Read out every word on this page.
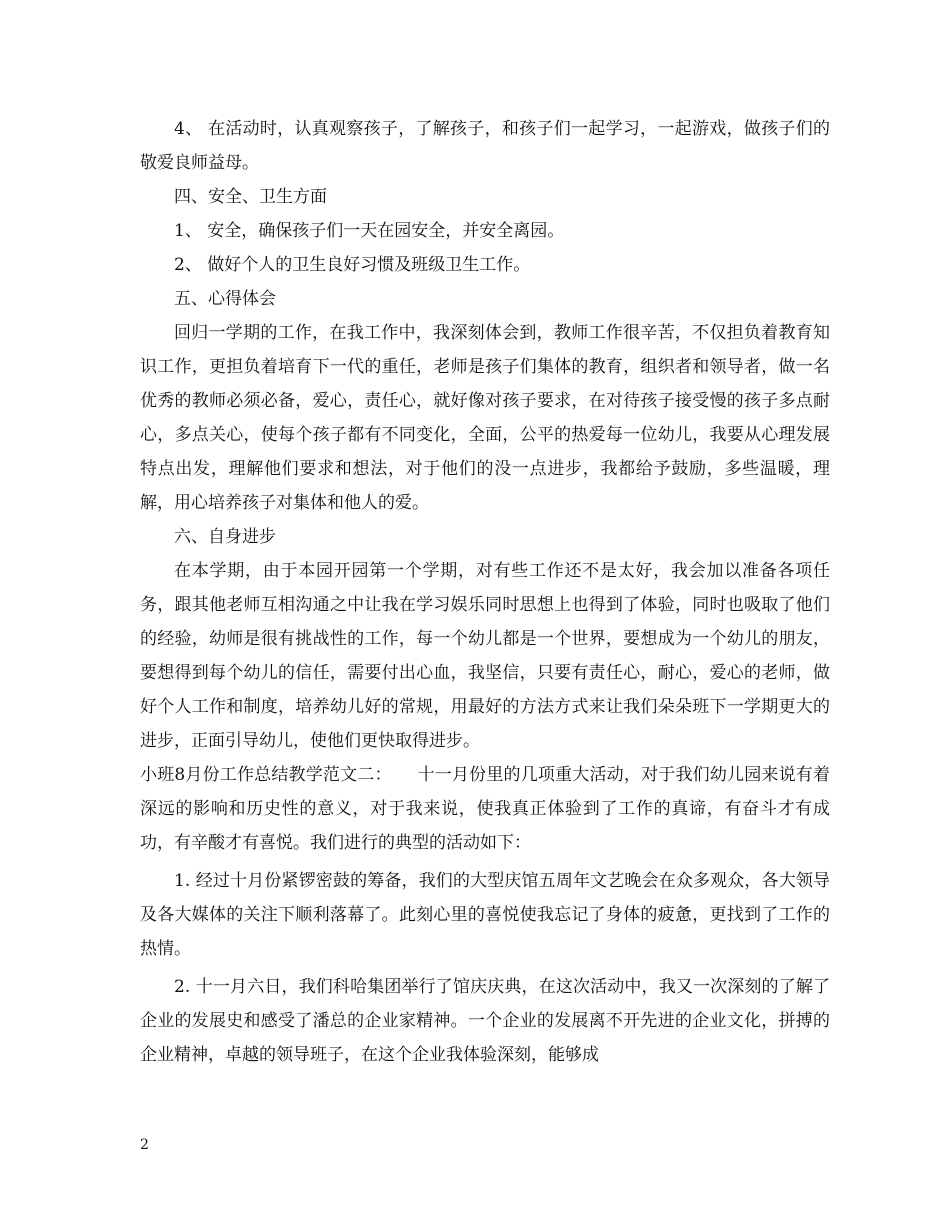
4、 在活动时，认真观察孩子，了解孩子，和孩子们一起学习，一起游戏，做孩子们的敬爱良师益母。

四、安全、卫生方面

1、 安全，确保孩子们一天在园安全，并安全离园。

2、 做好个人的卫生良好习惯及班级卫生工作。

五、心得体会

回归一学期的工作，在我工作中，我深刻体会到，教师工作很辛苦，不仅担负着教育知识工作，更担负着培育下一代的重任，老师是孩子们集体的教育，组织者和领导者，做一名优秀的教师必须必备，爱心，责任心，就好像对孩子要求，在对待孩子接受慢的孩子多点耐心，多点关心，使每个孩子都有不同变化，全面，公平的热爱每一位幼儿，我要从心理发展特点出发，理解他们要求和想法，对于他们的没一点进步，我都给予鼓励，多些温暖，理解，用心培养孩子对集体和他人的爱。

六、自身进步

在本学期，由于本园开园第一个学期，对有些工作还不是太好，我会加以准备各项任务，跟其他老师互相沟通之中让我在学习娱乐同时思想上也得到了体验，同时也吸取了他们的经验，幼师是很有挑战性的工作，每一个幼儿都是一个世界，要想成为一个幼儿的朋友，要想得到每个幼儿的信任，需要付出心血，我坚信，只要有责任心，耐心，爱心的老师，做好个人工作和制度，培养幼儿好的常规，用最好的方法方式来让我们朵朵班下一学期更大的进步，正面引导幼儿，使他们更快取得进步。

小班8月份工作总结教学范文二：　　十一月份里的几项重大活动，对于我们幼儿园来说有着深远的影响和历史性的意义，对于我来说，使我真正体验到了工作的真谛，有奋斗才有成功，有辛酸才有喜悦。我们进行的典型的活动如下：

1. 经过十月份紧锣密鼓的筹备，我们的大型庆馆五周年文艺晚会在众多观众，各大领导及各大媒体的关注下顺利落幕了。此刻心里的喜悦使我忘记了身体的疲惫，更找到了工作的热情。

2. 十一月六日，我们科哈集团举行了馆庆庆典，在这次活动中，我又一次深刻的了解了企业的发展史和感受了潘总的企业家精神。一个企业的发展离不开先进的企业文化，拼搏的企业精神，卓越的领导班子，在这个企业我体验深刻，能够成

2
